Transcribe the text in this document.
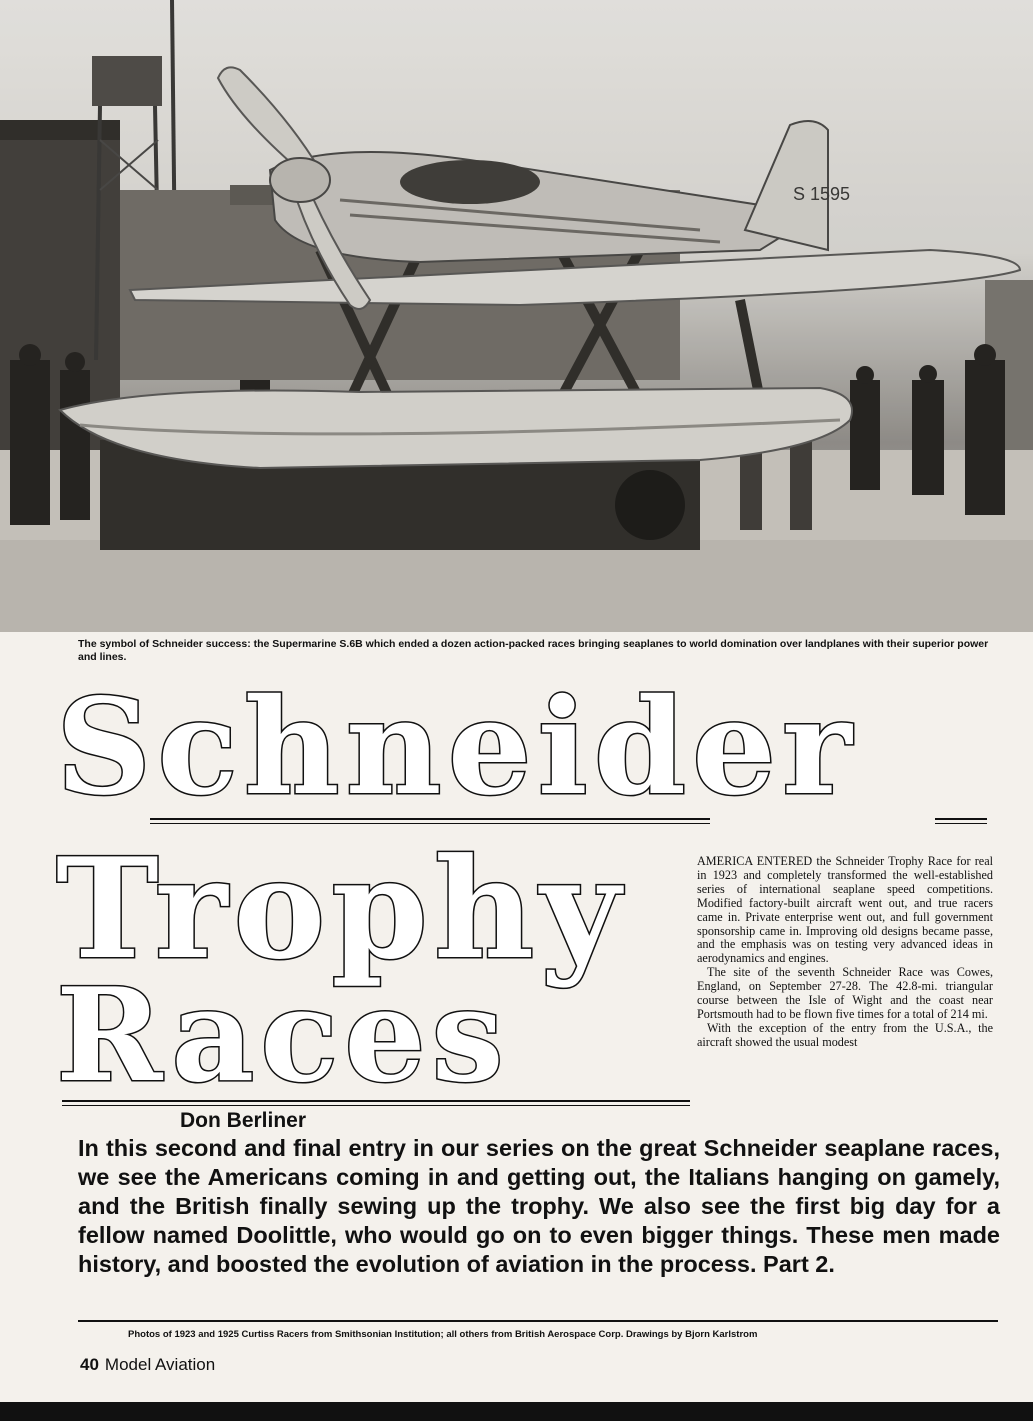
S 1595
The symbol of Schneider success: the Supermarine S.6B which ended a dozen action-packed races bringing seaplanes to world domination over landplanes with their superior power and lines.
Schneider
Trophy
Races
Don Berliner

AMERICA ENTERED the Schneider Trophy Race for real in 1923 and completely transformed the well-established series of international seaplane speed competitions. Modified factory-built aircraft went out, and true racers came in. Private enterprise went out, and full government sponsorship came in. Improving old designs became passe, and the emphasis was on testing very advanced ideas in aerodynamics and engines.

The site of the seventh Schneider Race was Cowes, England, on September 27-28. The 42.8-mi. triangular course between the Isle of Wight and the coast near Portsmouth had to be flown five times for a total of 214 mi.

With the exception of the entry from the U.S.A., the aircraft showed the usual modest

In this second and final entry in our series on the great Schneider seaplane races, we see the Americans coming in and getting out, the Italians hanging on gamely, and the British finally sewing up the trophy. We also see the first big day for a fellow named Doolittle, who would go on to even bigger things. These men made history, and boosted the evolution of aviation in the process. Part 2.
Photos of 1923 and 1925 Curtiss Racers from Smithsonian Institution; all others from British Aerospace Corp. Drawings by Bjorn Karlstrom
40 Model Aviation
